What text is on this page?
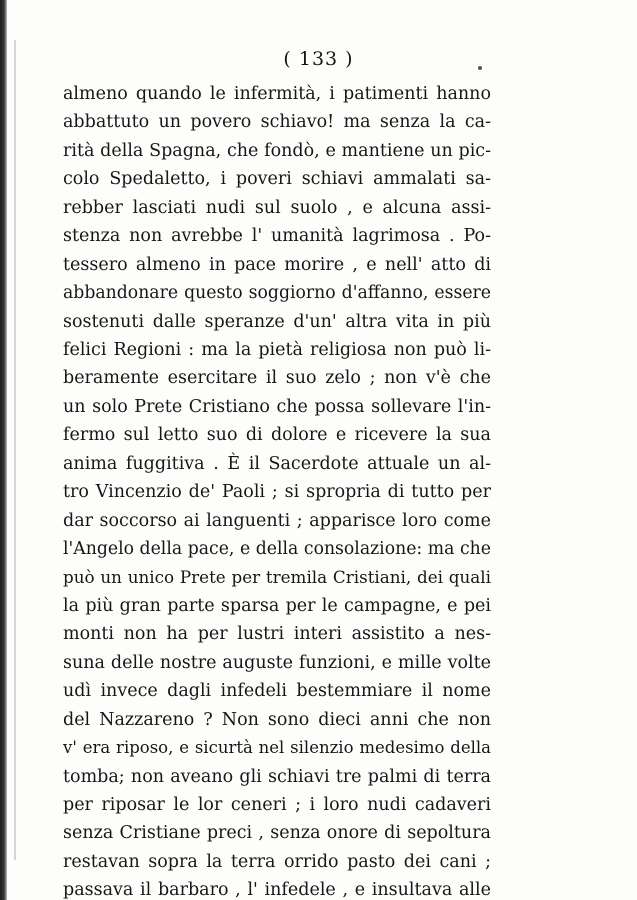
( 133 )
almeno quando le infermità, i patimenti hanno
abbattuto un povero schiavo! ma senza la ca-
rità della Spagna, che fondò, e mantiene un pic-
colo Spedaletto, i poveri schiavi ammalati sa-
rebber lasciati nudi sul suolo , e alcuna assi-
stenza non avrebbe l' umanità lagrimosa . Po-
tessero almeno in pace morire , e nell' atto di
abbandonare questo soggiorno d'affanno, essere
sostenuti dalle speranze d'un' altra vita in più
felici Regioni : ma la pietà religiosa non può li-
beramente esercitare il suo zelo ; non v'è che
un solo Prete Cristiano che possa sollevare l'in-
fermo sul letto suo di dolore e ricevere la sua
anima fuggitiva . È il Sacerdote attuale un al-
tro Vincenzio de' Paoli ; si spropria di tutto per
dar soccorso ai languenti ; apparisce loro come
l'Angelo della pace, e della consolazione: ma che
può un unico Prete per tremila Cristiani, dei quali
la più gran parte sparsa per le campagne, e pei
monti non ha per lustri interi assistito a nes-
suna delle nostre auguste funzioni, e mille volte
udì invece dagli infedeli bestemmiare il nome
del Nazzareno ? Non sono dieci anni che non
v' era riposo, e sicurtà nel silenzio medesimo della
tomba; non aveano gli schiavi tre palmi di terra
per riposar le lor ceneri ; i loro nudi cadaveri
senza Cristiane preci , senza onore di sepoltura
restavan sopra la terra orrido pasto dei cani ;
passava il barbaro , l' infedele , e insultava alle
